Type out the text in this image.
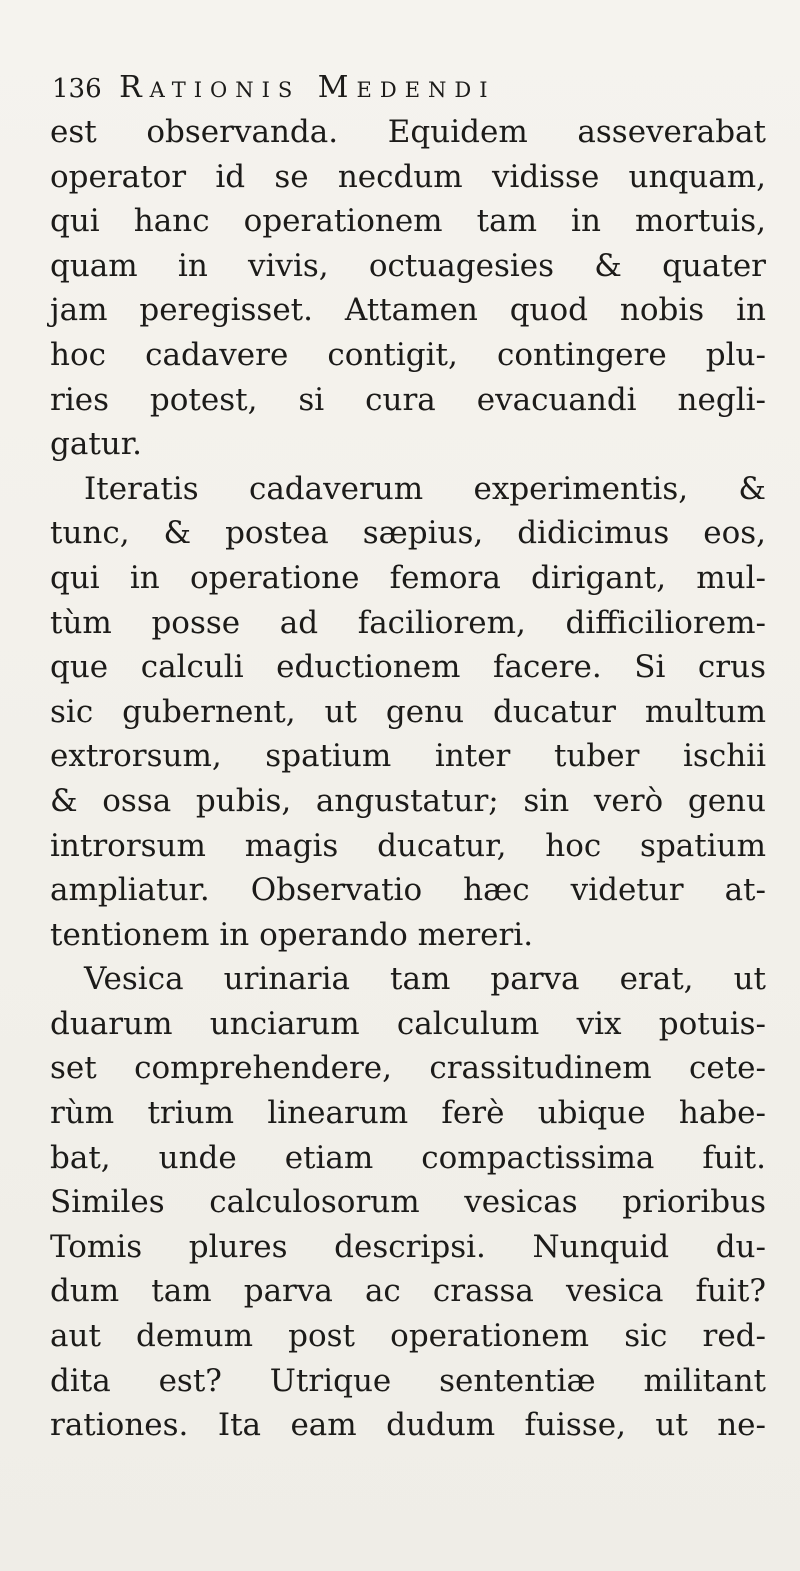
136 Rationis Medendi
est observanda. Equidem asseverabat
operator id se necdum vidisse unquam,
qui hanc operationem tam in mortuis,
quam in vivis, octuagesies & quater
jam peregisset. Attamen quod nobis in
hoc cadavere contigit, contingere plu-
ries potest, si cura evacuandi negli-
gatur.
Iteratis cadaverum experimentis, &
tunc, & postea sæpius, didicimus eos,
qui in operatione femora dirigant, mul-
tùm posse ad faciliorem, difficiliorem-
que calculi eductionem facere. Si crus
sic gubernent, ut genu ducatur multum
extrorsum, spatium inter tuber ischii
& ossa pubis, angustatur; sin verò genu
introrsum magis ducatur, hoc spatium
ampliatur. Observatio hæc videtur at-
tentionem in operando mereri.
Vesica urinaria tam parva erat, ut
duarum unciarum calculum vix potuis-
set comprehendere, crassitudinem cete-
rùm trium linearum ferè ubique habe-
bat, unde etiam compactissima fuit.
Similes calculosorum vesicas prioribus
Tomis plures descripsi. Nunquid du-
dum tam parva ac crassa vesica fuit?
aut demum post operationem sic red-
dita est? Utrique sententiæ militant
rationes. Ita eam dudum fuisse, ut ne-
